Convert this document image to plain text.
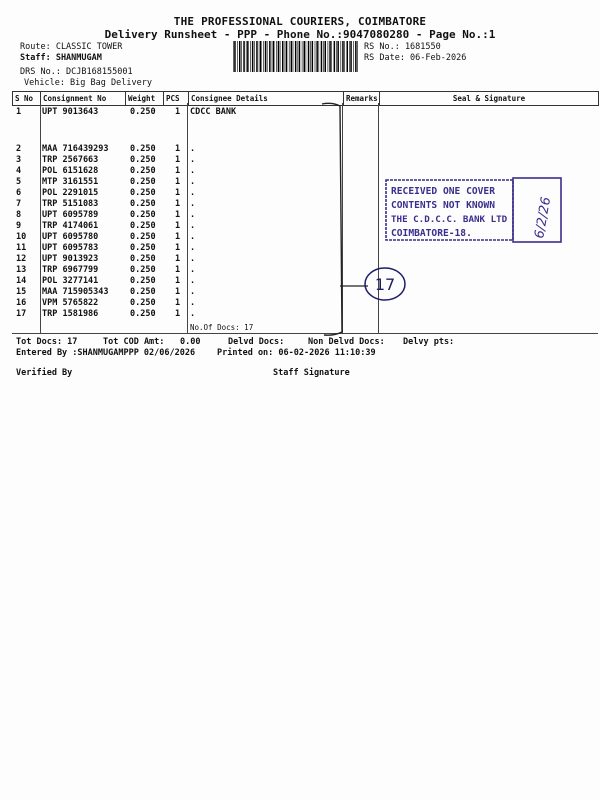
THE PROFESSIONAL COURIERS, COIMBATORE
Delivery Runsheet - PPP - Phone No.:9047080280 - Page No.:1
Route: CLASSIC TOWER
Staff: SHANMUGAM
DRS No.: DCJB168155001
Vehicle: Big Bag Delivery
RS No.: 1681550
RS Date: 06-Feb-2026
S No	Consignment No	Weight	PCS	Consignee Details	Remarks	Seal & Signature
1 UPT 9013643	0.250 1 CDCC BANK
2 MAA 716439293	0.250 1 .
3 TRP 2567663	0.250 1 .
4 POL 6151628	0.250 1 .
5 MTP 3161551	0.250 1 .
6 POL 2291015	0.250 1 .
7 TRP 5151083	0.250 1 .
8 UPT 6095789	0.250 1 .
9 TRP 4174061	0.250 1 .
10 UPT 6095780	0.250 1 .
11 UPT 6095783	0.250 1 .
12 UPT 9013923	0.250 1 .
13 TRP 6967799	0.250 1 .
14 POL 3277141	0.250 1 .
15 MAA 715905343	0.250 1 .
16 VPM 5765822	0.250 1 .
17 TRP 1581986	0.250 1 .
No.Of Docs: 17
Tot Docs: 17	Tot COD Amt: 0.00	Delvd Docs:	Non Delvd Docs: Delvy pts:
Entered By :SHANMUGAMPPP 02/06/2026	Printed on: 06-02-2026 11:10:39
Verified By	Staff Signature
17
RECEIVED ONE COVER
CONTENTS NOT KNOWN
THE C.D.C.C. BANK LTD
COIMBATORE-18.	6/2/26
